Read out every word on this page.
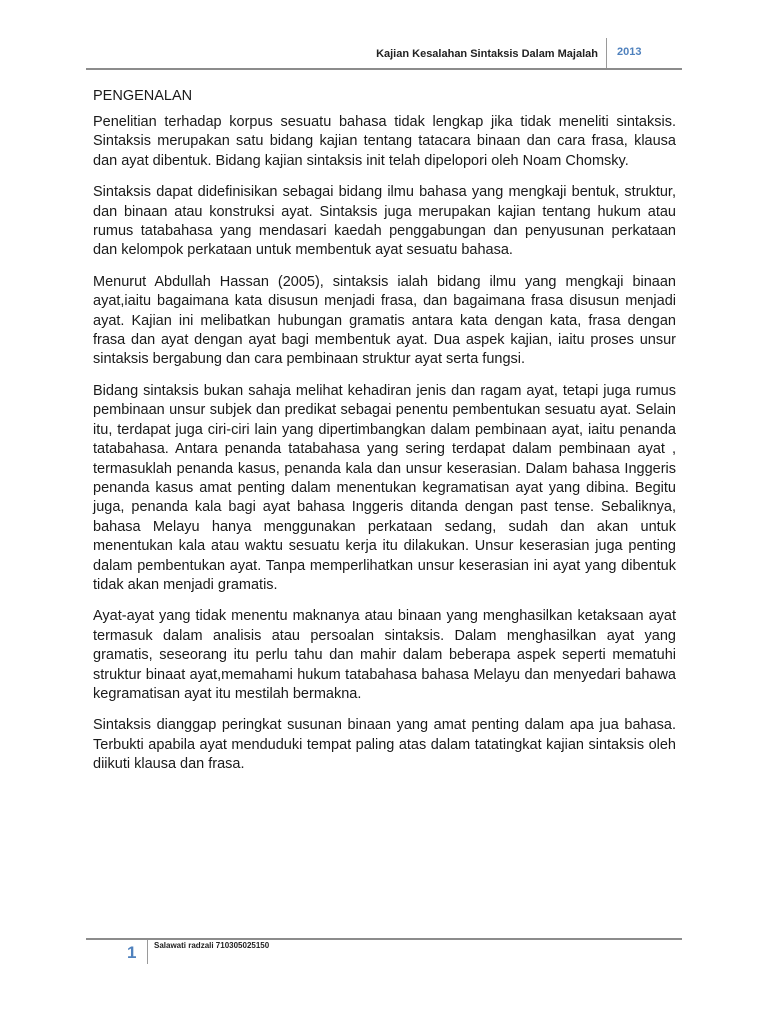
Kajian Kesalahan Sintaksis Dalam Majalah 2013
PENGENALAN

Penelitian terhadap korpus sesuatu bahasa tidak lengkap jika tidak meneliti sintaksis. Sintaksis merupakan satu bidang kajian tentang tatacara binaan dan cara frasa, klausa dan ayat dibentuk. Bidang kajian sintaksis init telah dipelopori oleh Noam Chomsky.

Sintaksis dapat didefinisikan sebagai bidang ilmu bahasa yang mengkaji bentuk, struktur, dan binaan atau konstruksi ayat. Sintaksis juga merupakan kajian tentang hukum atau rumus tatabahasa yang mendasari kaedah penggabungan dan penyusunan perkataan dan kelompok perkataan untuk membentuk ayat sesuatu bahasa.

Menurut Abdullah Hassan (2005), sintaksis ialah bidang ilmu yang mengkaji binaan ayat,iaitu bagaimana kata disusun menjadi frasa, dan bagaimana frasa disusun menjadi ayat. Kajian ini melibatkan hubungan gramatis antara kata dengan kata, frasa dengan frasa dan ayat dengan ayat bagi membentuk ayat. Dua aspek kajian, iaitu proses unsur sintaksis bergabung dan cara pembinaan struktur ayat serta fungsi.

Bidang sintaksis bukan sahaja melihat kehadiran jenis dan ragam ayat, tetapi juga rumus pembinaan unsur subjek dan predikat sebagai penentu pembentukan sesuatu ayat. Selain itu, terdapat juga ciri-ciri lain yang dipertimbangkan dalam pembinaan ayat, iaitu penanda tatabahasa. Antara penanda tatabahasa yang sering terdapat dalam pembinaan ayat , termasuklah penanda kasus, penanda kala dan unsur keserasian. Dalam bahasa Inggeris penanda kasus amat penting dalam menentukan kegramatisan ayat yang dibina. Begitu juga, penanda kala bagi ayat bahasa Inggeris ditanda dengan past tense. Sebaliknya, bahasa Melayu hanya menggunakan perkataan sedang, sudah dan akan untuk menentukan kala atau waktu sesuatu kerja itu dilakukan. Unsur keserasian juga penting dalam pembentukan ayat. Tanpa memperlihatkan unsur keserasian ini ayat yang dibentuk tidak akan menjadi gramatis.

Ayat-ayat yang tidak menentu maknanya atau binaan yang menghasilkan ketaksaan ayat termasuk dalam analisis atau persoalan sintaksis. Dalam menghasilkan ayat yang gramatis, seseorang itu perlu tahu dan mahir dalam beberapa aspek seperti mematuhi struktur binaat ayat,memahami hukum tatabahasa bahasa Melayu dan menyedari bahawa kegramatisan ayat itu mestilah bermakna.

Sintaksis dianggap peringkat susunan binaan yang amat penting dalam apa jua bahasa. Terbukti apabila ayat menduduki tempat paling atas dalam tatatingkat kajian sintaksis oleh diikuti klausa dan frasa.

1 Salawati radzali 710305025150
